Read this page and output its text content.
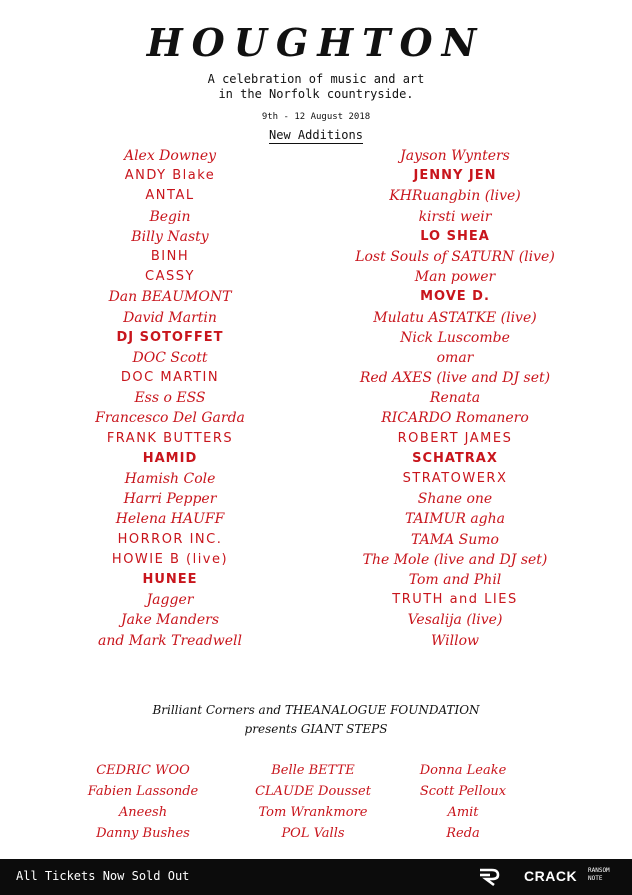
HOUGHTON
A celebration of music and art
in the Norfolk countryside.
9th - 12 August 2018
New Additions
Alex Downey
ANDY Blake
ANTAL
Begin
Billy Nasty
BINH
CASSY
Dan BEAUMONT
David Martin
DJ SOTOFFET
DOC Scott
DOC MARTIN
Ess o ESS
Francesco Del Garda
FRANK BUTTERS
HAMID
Hamish Cole
Harri Pepper
Helena HAUFF
HORROR INC.
HOWIE B (live)
HUNEE
Jagger
Jake Manders
and Mark Treadwell
Jayson Wynters
JENNY JEN
KHRuangbin (live)
kirsti weir
LO SHEA
Lost Souls of SATURN (live)
Man power
MOVE D.
Mulatu ASTATKE (live)
Nick Luscombe
omar
Red AXES (live and DJ set)
Renata
RICARDO Romanero
ROBERT JAMES
SCHATRAX
STRATOWERX
Shane one
TAIMUR agha
TAMA Sumo
The Mole (live and DJ set)
Tom and Phil
TRUTH and LIES
Vesalija (live)
Willow
Brilliant Corners and THEANALOGUE FOUNDATION
presents GIANT STEPS
CEDRIC WOO
Fabien Lassonde
Aneesh
Danny Bushes
Belle BETTE
CLAUDE Dousset
Tom Wrankmore
POL Valls
Donna Leake
Scott Pelloux
Amit
Reda
All Tickets Now Sold Out	CRACK RANSOM
NOTE
